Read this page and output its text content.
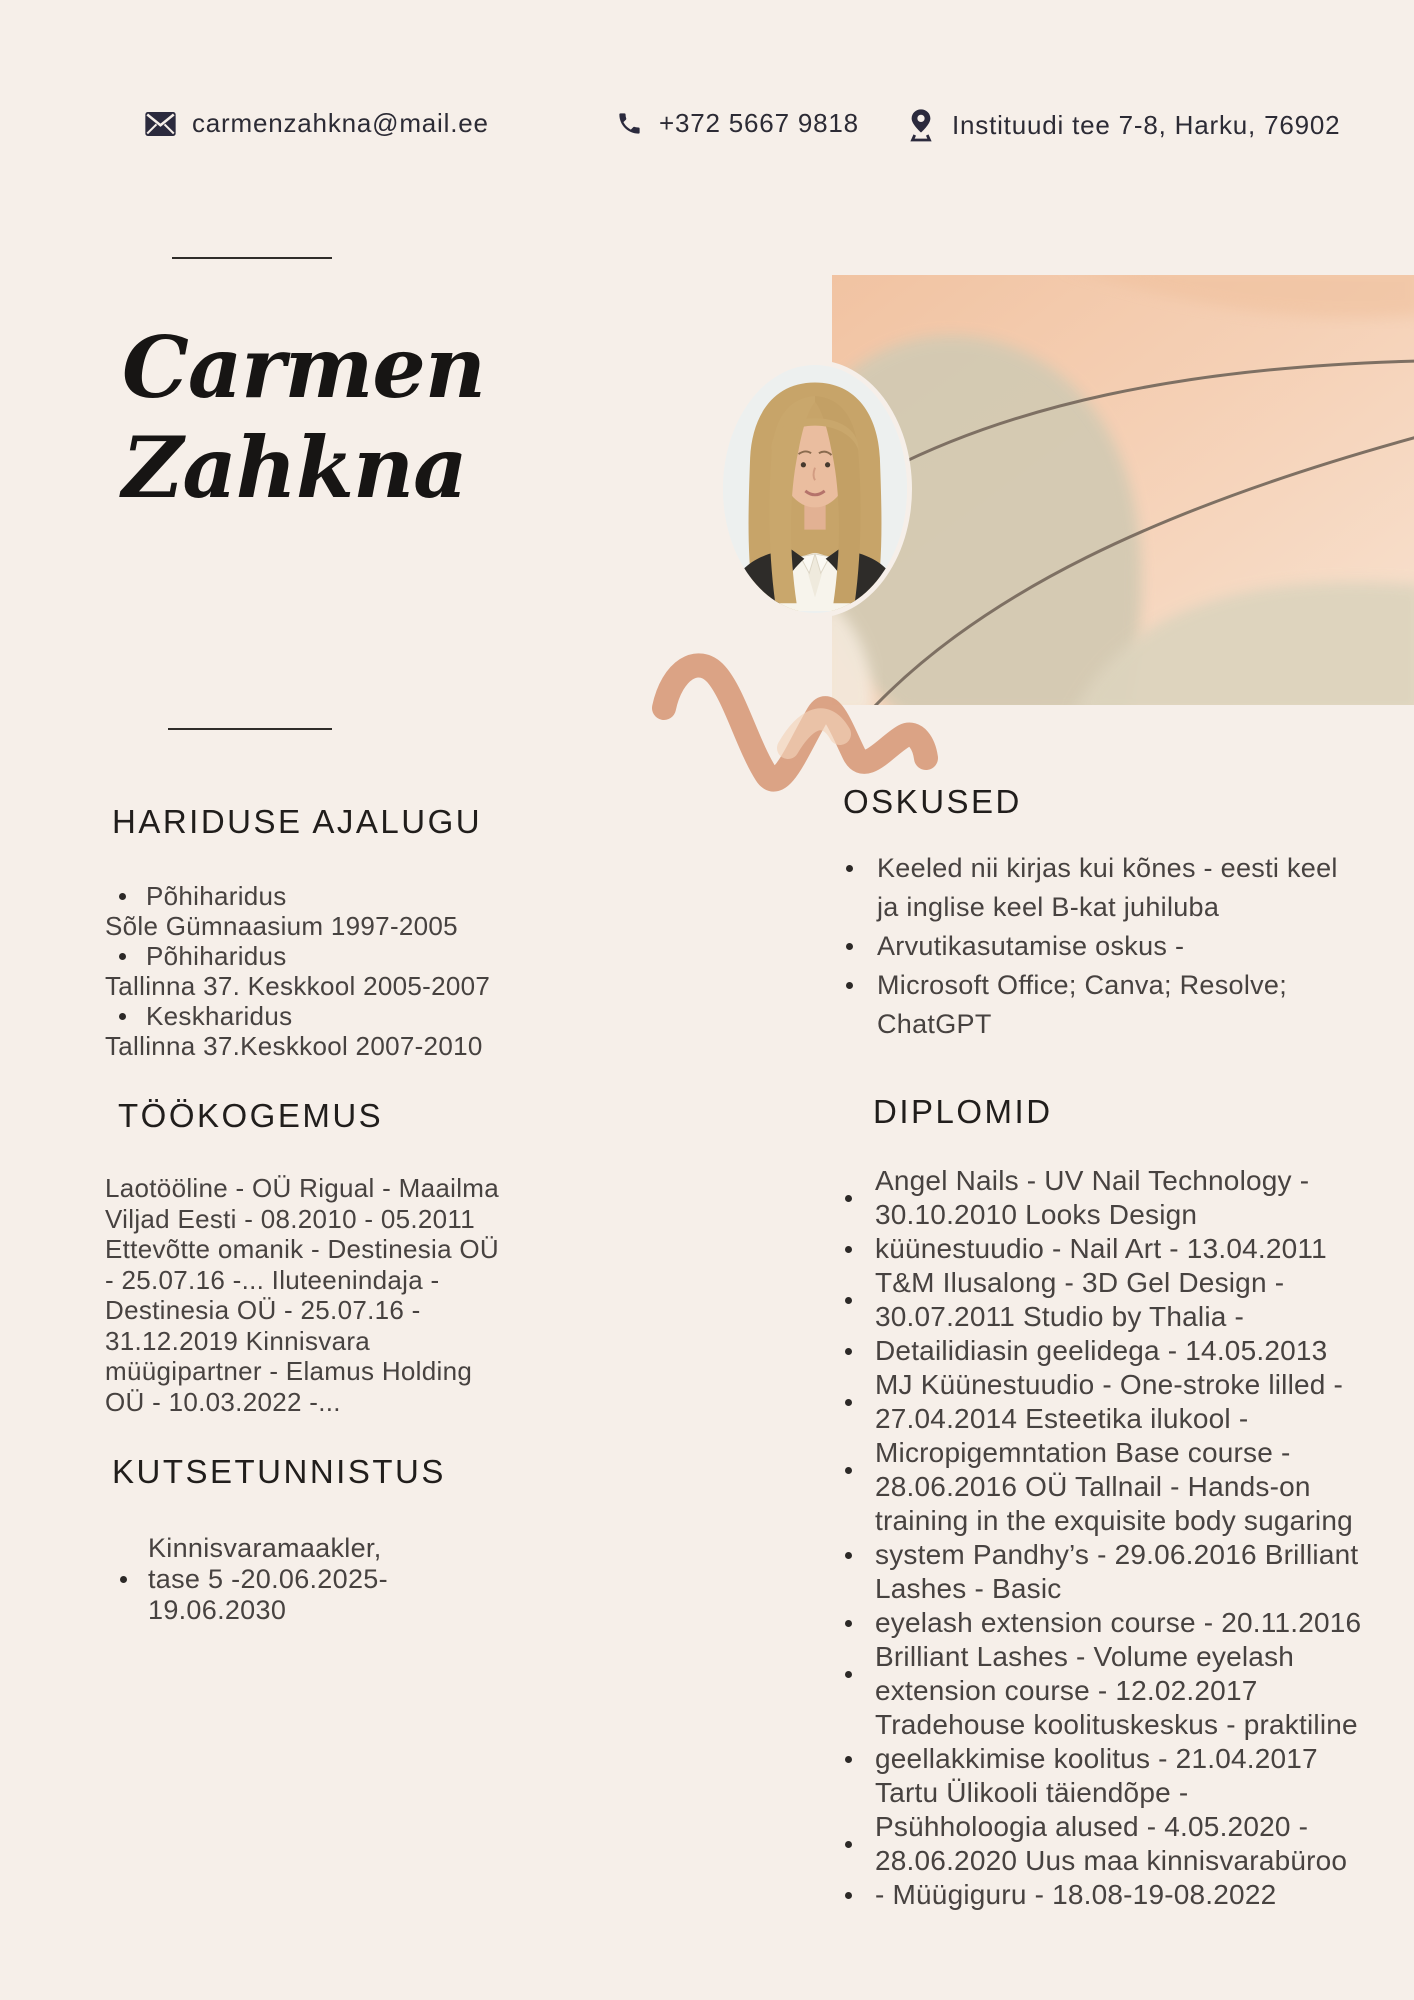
carmenzahkna@mail.ee	+372 5667 9818	Instituudi tee 7-8, Harku, 76902
Carmen
Zahkna
HARIDUSE AJALUGU
Põhiharidus
Sõle Gümnaasium 1997-2005
Põhiharidus
Tallinna 37. Keskkool 2005-2007
Keskharidus
Tallinna 37.Keskkool 2007-2010
TÖÖKOGEMUS

Laotööline - OÜ Rigual - Maailma Viljad Eesti - 08.2010 - 05.2011 Ettevõtte omanik - Destinesia OÜ - 25.07.16 -... Iluteenindaja - Destinesia OÜ - 25.07.16 - 31.12.2019 Kinnisvara müügipartner - Elamus Holding OÜ - 10.03.2022 -...

KUTSETUNNISTUS
Kinnisvaramaakler, tase 5 -20.06.2025- 19.06.2030
OSKUSED
Keeled nii kirjas kui kõnes - eesti keel ja inglise keel B-kat juhiluba
Arvutikasutamise oskus -
Microsoft Office; Canva; Resolve; ChatGPT
DIPLOMID
Angel Nails - UV Nail Technology - 30.10.2010 Looks Design
küünestuudio - Nail Art - 13.04.2011
T&M Ilusalong - 3D Gel Design - 30.07.2011 Studio by Thalia -
Detailidiasin geelidega - 14.05.2013
MJ Küünestuudio - One-stroke lilled - 27.04.2014 Esteetika ilukool -
Micropigemntation Base course - 28.06.2016 OÜ Tallnail - Hands-on
training in the exquisite body sugaring system Pandhy’s - 29.06.2016 Brilliant Lashes - Basic
eyelash extension course - 20.11.2016
Brilliant Lashes - Volume eyelash extension course - 12.02.2017
Tradehouse koolituskeskus - praktiline geellakkimise koolitus - 21.04.2017 Tartu Ülikooli täiendõpe -
Psühholoogia alused - 4.05.2020 - 28.06.2020 Uus maa kinnisvarabüroo
- Müügiguru - 18.08-19-08.2022
